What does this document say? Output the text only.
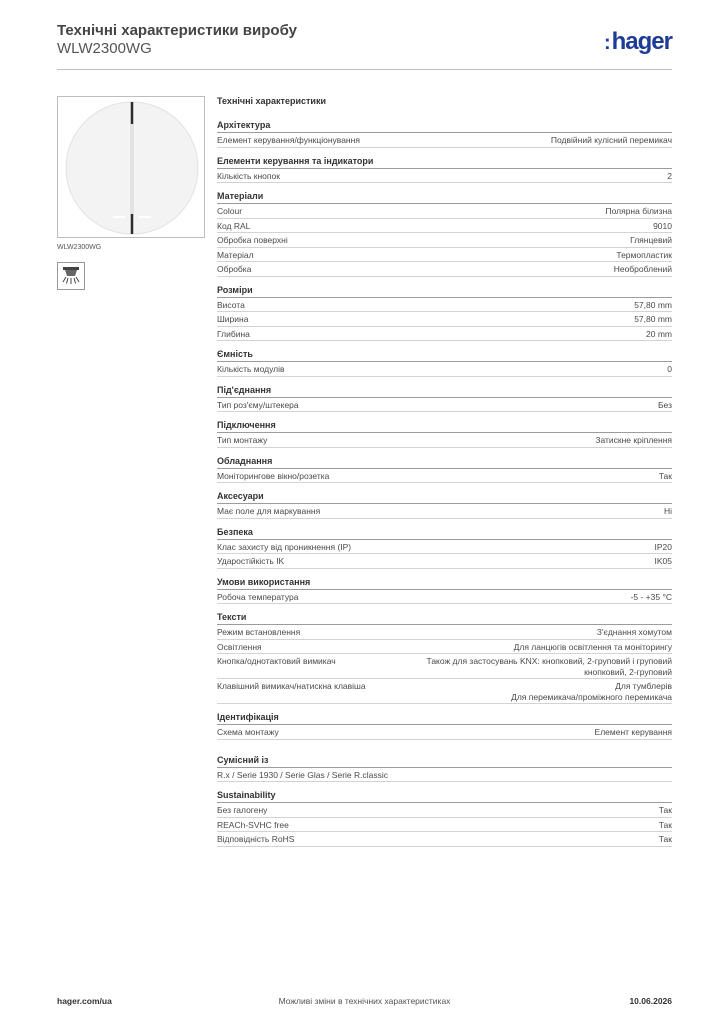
Технічні характеристики виробу
WLW2300WG	:hager
WLW2300WG
Технічні характеристики
Архітектура
Елемент керування/функціонування	Подвійний кулісний перемикач
Елементи керування та індикатори
Кількість кнопок	2
Матеріали
Colour	Полярна білизна
Код RAL	9010
Обробка поверхні	Глянцевий
Матеріал	Термопластик
Обробка	Необроблений
Розміри
Висота	57,80 mm
Ширина	57,80 mm
Глибина	20 mm
Ємність
Кількість модулів	0
Під'єднання
Тип роз'єму/штекера	Без
Підключення
Тип монтажу	Затискне кріплення
Обладнання
Моніторингове вікно/розетка	Так
Аксесуари
Має поле для маркування	Ні
Безпека
Клас захисту від проникнення (IP)	IP20
Ударостійкість IK	IK05
Умови використання
Робоча температура	-5 - +35 °C
Тексти
Режим встановлення	З'єднання хомутом
Освітлення	Для ланцюгів освітлення та моніторингу
Кнопка/однотактовий вимикач	Також для застосувань KNX: кнопковий, 2-груповий і груповий
кнопковий, 2-груповий
Клавішний вимикач/натискна клавіша	Для тумблерів
Для перемикача/проміжного перемикача
Ідентифікація
Схема монтажу	Елемент керування
Сумісний із
R.x / Serie 1930 / Serie Glas / Serie R.classic
Sustainability
Без галогену	Так
REACh-SVHC free	Так
Відповідність RoHS	Так
hager.com/ua	Можливі зміни в технічних характеристиках	10.06.2026
